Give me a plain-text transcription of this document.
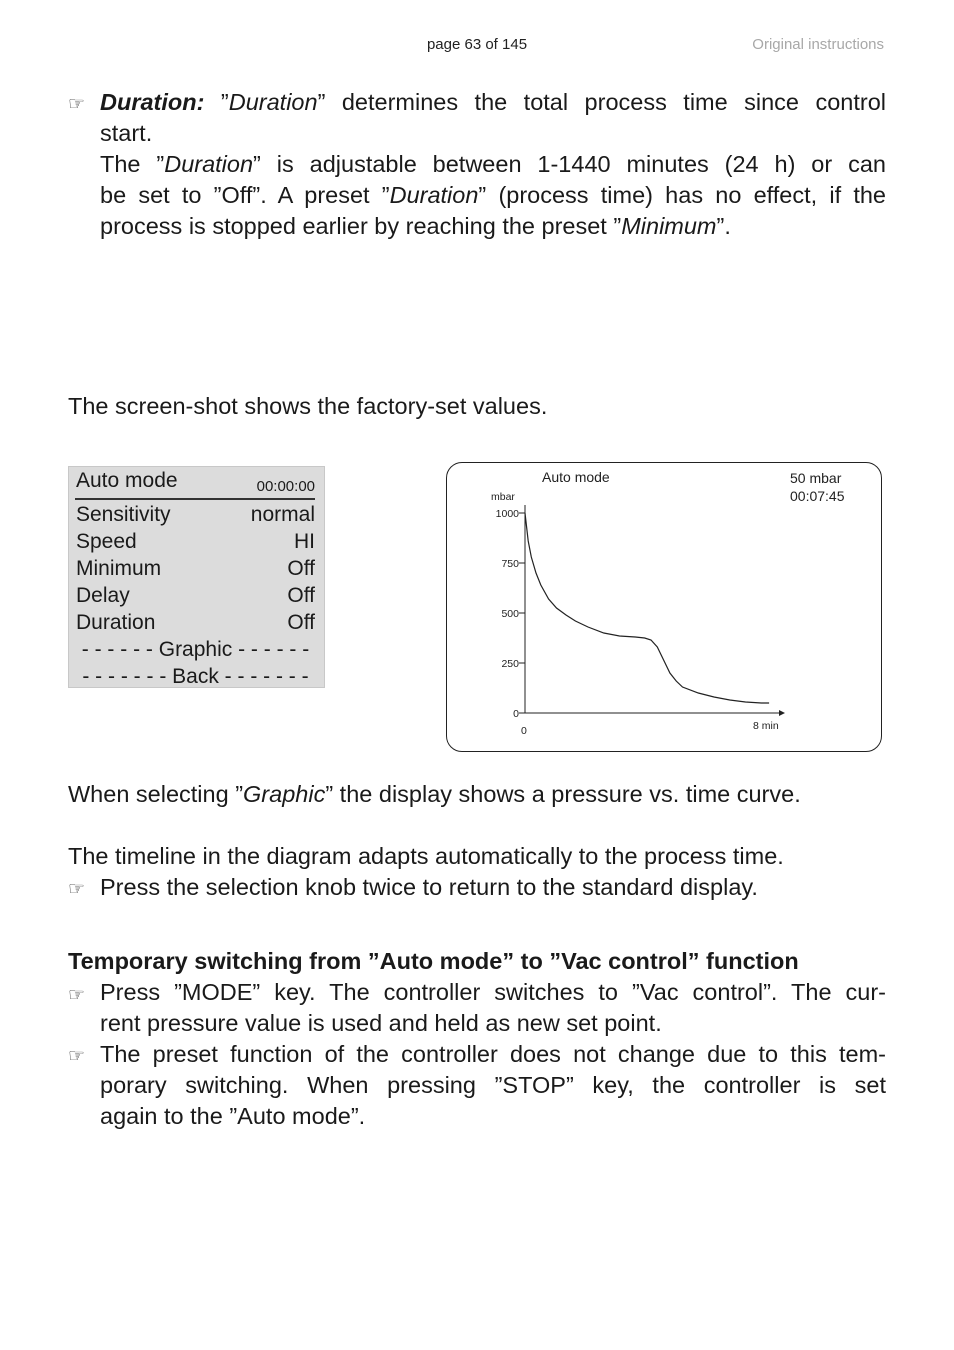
page 63 of 145	Original instructions
☞ Duration: ”Duration” determines the total process time since control
start.
The ”Duration” is adjustable between 1-1440 minutes (24 h) or can
be set to ”Off”. A preset ”Duration” (process time) has no effect, if the
process is stopped earlier by reaching the preset ”Minimum”.
The screen-shot shows the factory-set values.
Auto mode	00:00:00
Sensitivity	normal
Speed	HI
Minimum	Off
Delay	Off
Duration	Off
- - - - - - Graphic - - - - - -
- - - - - - - Back - - - - - - -
Auto mode	50 mbar
00:07:45
mbar
0
250
500
750
1000
0	8 min
When selecting ”Graphic” the display shows a pressure vs. time curve.
The timeline in the diagram adapts automatically to the process time.
☞ Press the selection knob twice to return to the standard display.
Temporary switching from ”Auto mode” to ”Vac control” function
☞ Press ”MODE” key. The controller switches to ”Vac control”. The cur-
rent pressure value is used and held as new set point.
☞ The preset function of the controller does not change due to this tem-
porary switching. When pressing ”STOP” key, the controller is set
again to the ”Auto mode”.
